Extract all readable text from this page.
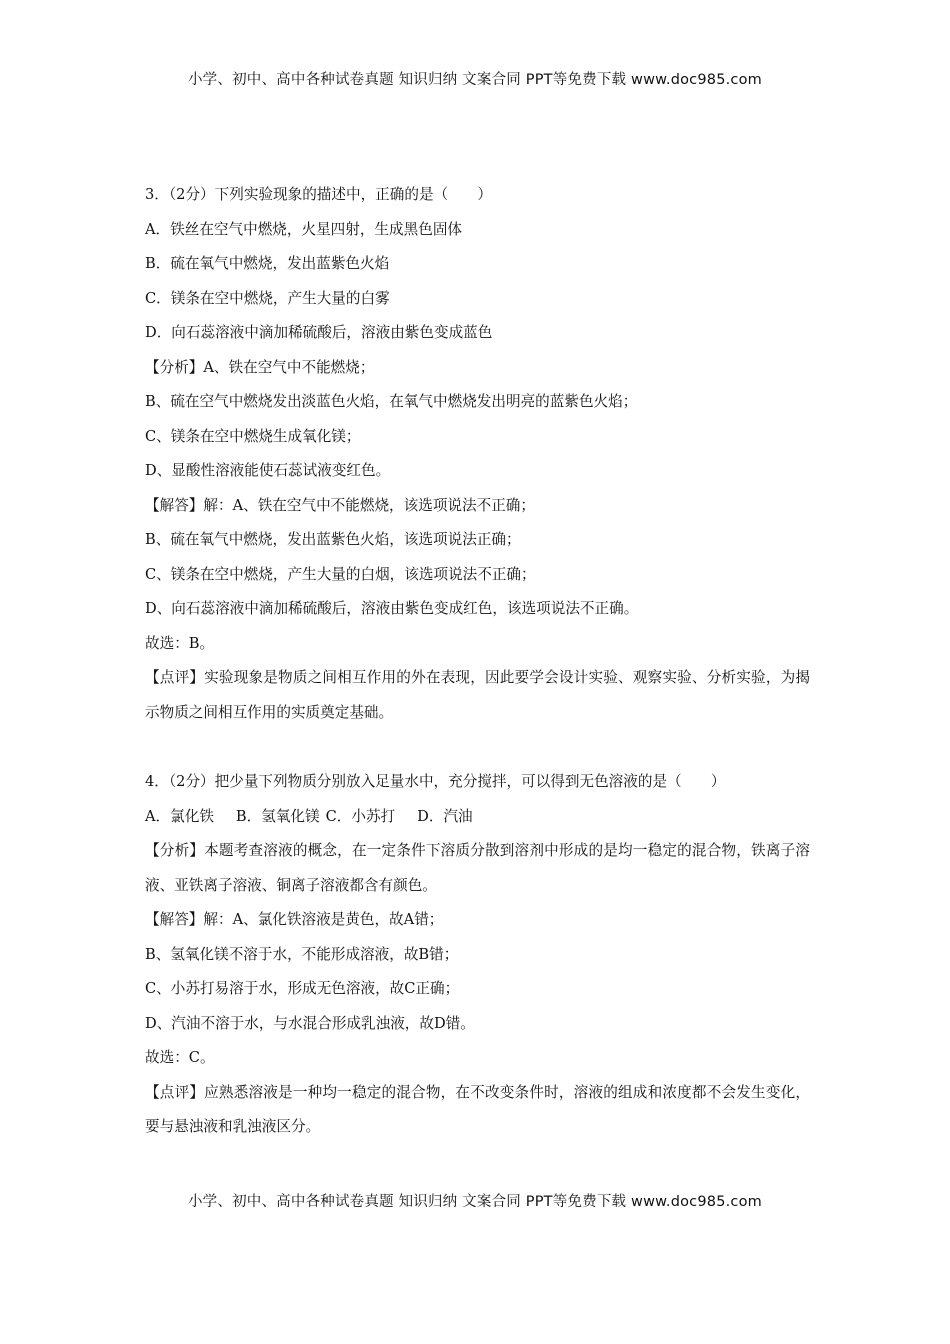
小学、初中、高中各种试卷真题 知识归纳 文案合同 PPT等免费下载 www.doc985.com
3．（2分）下列实验现象的描述中，正确的是（　　）
A．铁丝在空气中燃烧，火星四射，生成黑色固体
B．硫在氧气中燃烧，发出蓝紫色火焰
C．镁条在空中燃烧，产生大量的白雾
D．向石蕊溶液中滴加稀硫酸后，溶液由紫色变成蓝色
【分析】A、铁在空气中不能燃烧；
B、硫在空气中燃烧发出淡蓝色火焰，在氧气中燃烧发出明亮的蓝紫色火焰；
C、镁条在空中燃烧生成氧化镁；
D、显酸性溶液能使石蕊试液变红色。
【解答】解：A、铁在空气中不能燃烧，该选项说法不正确；
B、硫在氧气中燃烧，发出蓝紫色火焰，该选项说法正确；
C、镁条在空中燃烧，产生大量的白烟，该选项说法不正确；
D、向石蕊溶液中滴加稀硫酸后，溶液由紫色变成红色，该选项说法不正确。
故选：B。
【点评】实验现象是物质之间相互作用的外在表现，因此要学会设计实验、观察实验、分析实验，为揭示物质之间相互作用的实质奠定基础。
4．（2分）把少量下列物质分别放入足量水中，充分搅拌，可以得到无色溶液的是（　　）
A．氯化铁 B．氢氧化镁 C．小苏打 D．汽油
【分析】本题考查溶液的概念，在一定条件下溶质分散到溶剂中形成的是均一稳定的混合物，铁离子溶液、亚铁离子溶液、铜离子溶液都含有颜色。
【解答】解：A、氯化铁溶液是黄色，故A错；
B、氢氧化镁不溶于水，不能形成溶液，故B错；
C、小苏打易溶于水，形成无色溶液，故C正确；
D、汽油不溶于水，与水混合形成乳浊液，故D错。
故选：C。
【点评】应熟悉溶液是一种均一稳定的混合物，在不改变条件时，溶液的组成和浓度都不会发生变化，要与悬浊液和乳浊液区分。
小学、初中、高中各种试卷真题 知识归纳 文案合同 PPT等免费下载 www.doc985.com
